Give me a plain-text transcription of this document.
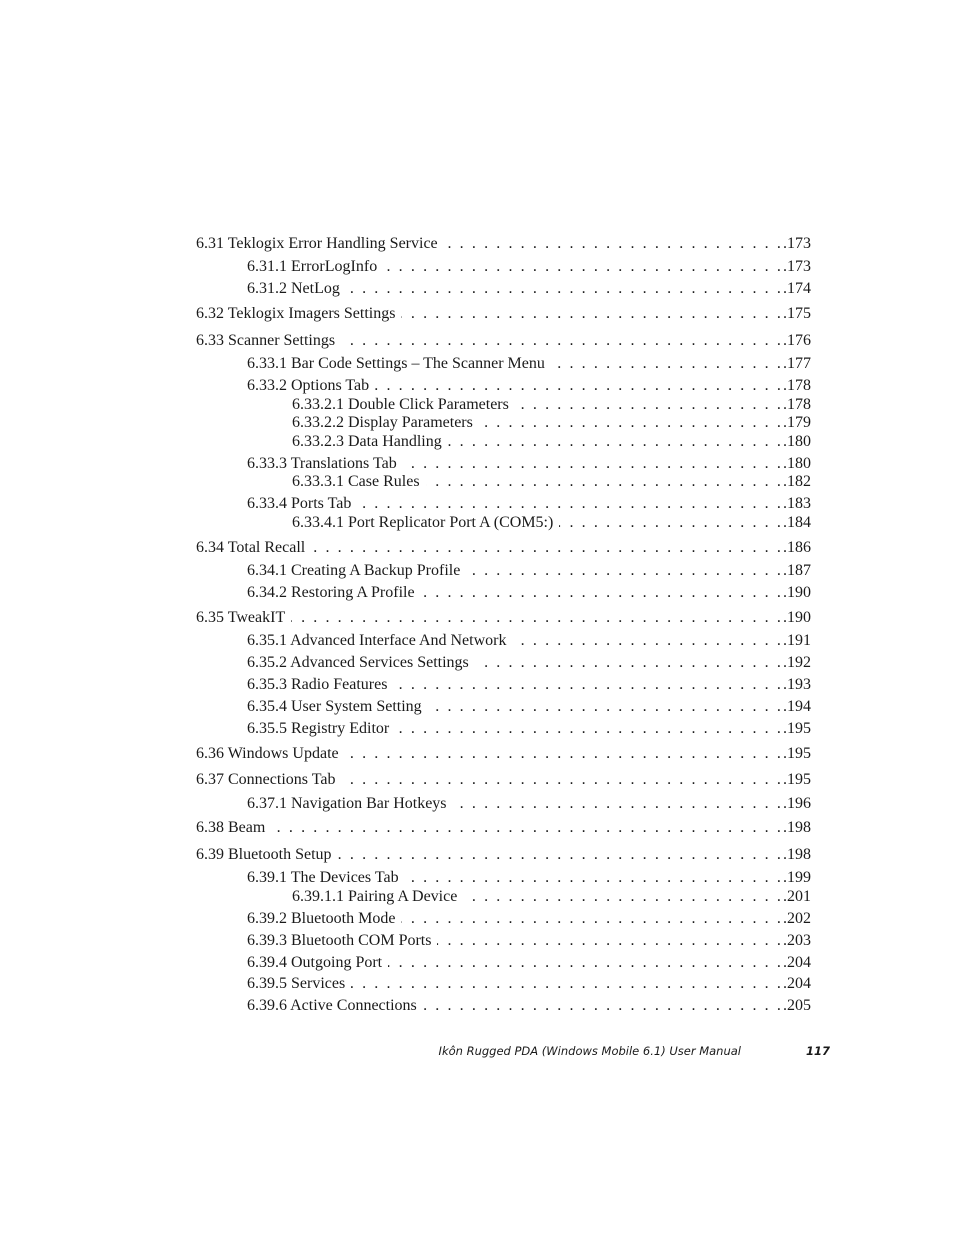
6.31 Teklogix Error Handling Service . . .	.173
6.31.1 ErrorLogInfo . . .	.173
6.31.2 NetLog . . .	.174
6.32 Teklogix Imagers Settings . . .	.175
6.33 Scanner Settings . . .	.176
6.33.1 Bar Code Settings – The Scanner Menu . . .	.177
6.33.2 Options Tab . . .	.178
6.33.2.1 Double Click Parameters . . .	.178
6.33.2.2 Display Parameters . . .	.179
6.33.2.3 Data Handling . . .	.180
6.33.3 Translations Tab . . .	.180
6.33.3.1 Case Rules . . .	.182
6.33.4 Ports Tab . . .	.183
6.33.4.1 Port Replicator Port A (COM5:) . . .	.184
6.34 Total Recall . . .	.186
6.34.1 Creating A Backup Profile . . .	.187
6.34.2 Restoring A Profile . . .	.190
6.35 TweakIT . . .	.190
6.35.1 Advanced Interface And Network . . .	.191
6.35.2 Advanced Services Settings . . .	.192
6.35.3 Radio Features . . .	.193
6.35.4 User System Setting . . .	.194
6.35.5 Registry Editor . . .	.195
6.36 Windows Update . . .	.195
6.37 Connections Tab . . .	.195
6.37.1 Navigation Bar Hotkeys . . .	.196
6.38 Beam . . .	.198
6.39 Bluetooth Setup . . .	.198
6.39.1 The Devices Tab . . .	.199
6.39.1.1 Pairing A Device . . .	.201
6.39.2 Bluetooth Mode . . .	.202
6.39.3 Bluetooth COM Ports . . .	.203
6.39.4 Outgoing Port . . .	.204
6.39.5 Services . . .	.204
6.39.6 Active Connections . . .	.205
Ikôn Rugged PDA (Windows Mobile 6.1) User Manual	117
